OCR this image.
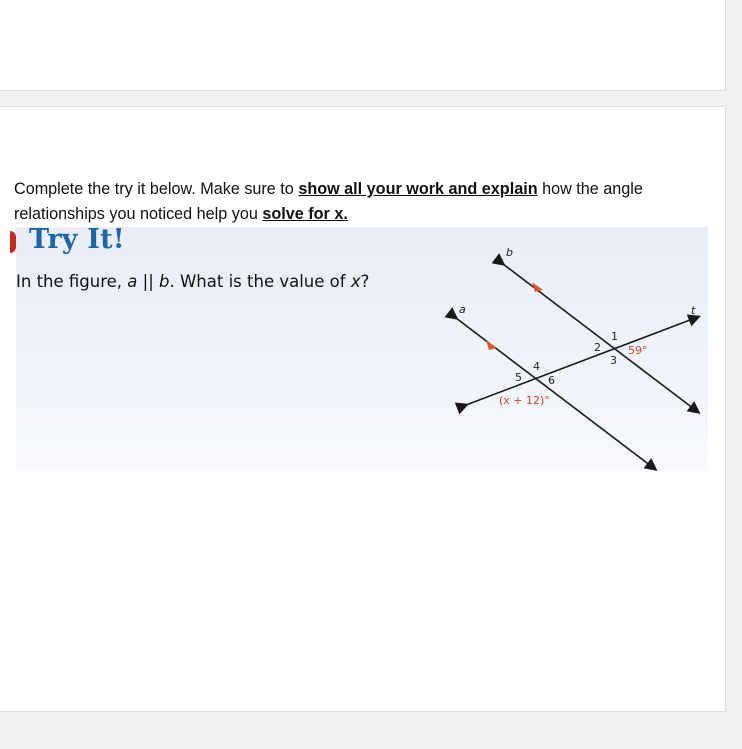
Complete the try it below. Make sure to show all your work and explain how the angle relationships you noticed help you solve for x.
Try It!
In the figure, a || b. What is the value of x?
b
a	t
1
2
3
4
5 6
59°
(x + 12)°
